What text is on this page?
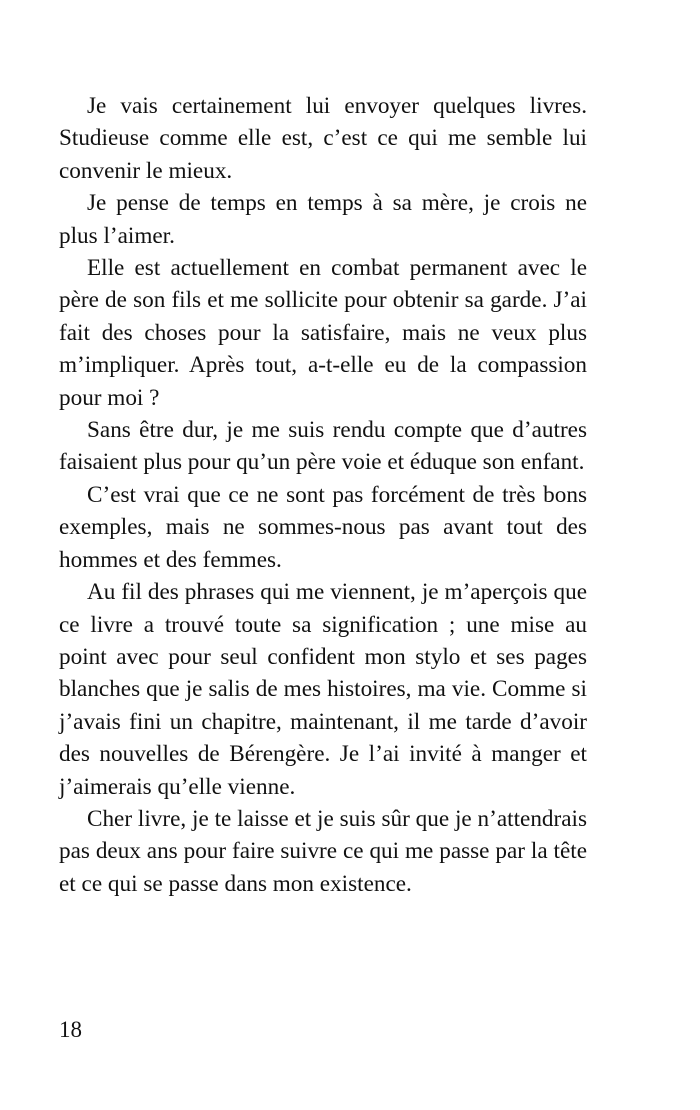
Je vais certainement lui envoyer quelques livres. Studieuse comme elle est, c’est ce qui me semble lui convenir le mieux.

Je pense de temps en temps à sa mère, je crois ne plus l’aimer.

Elle est actuellement en combat permanent avec le père de son fils et me sollicite pour obtenir sa garde. J’ai fait des choses pour la satisfaire, mais ne veux plus m’impliquer. Après tout, a-t-elle eu de la compassion pour moi ?

Sans être dur, je me suis rendu compte que d’autres faisaient plus pour qu’un père voie et éduque son enfant.

C’est vrai que ce ne sont pas forcément de très bons exemples, mais ne sommes-nous pas avant tout des hommes et des femmes.

Au fil des phrases qui me viennent, je m’aperçois que ce livre a trouvé toute sa signification ; une mise au point avec pour seul confident mon stylo et ses pages blanches que je salis de mes histoires, ma vie. Comme si j’avais fini un chapitre, maintenant, il me tarde d’avoir des nouvelles de Bérengère. Je l’ai invité à manger et j’aimerais qu’elle vienne.

Cher livre, je te laisse et je suis sûr que je n’attendrais pas deux ans pour faire suivre ce qui me passe par la tête et ce qui se passe dans mon existence.

18
